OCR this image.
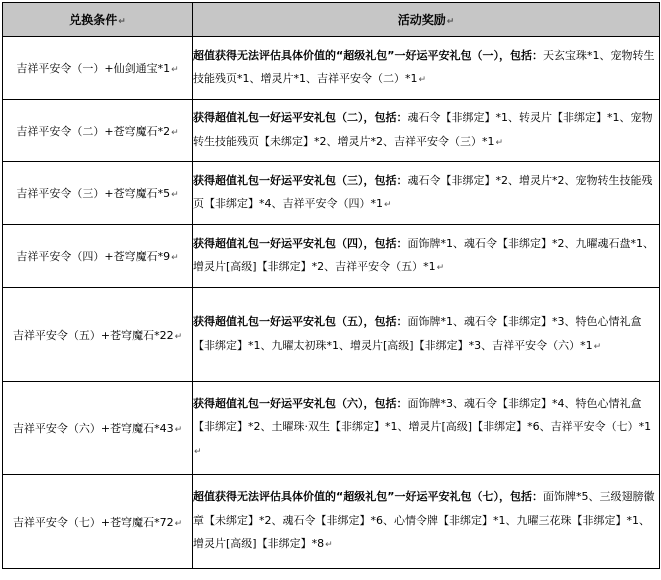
兑换条件↵	活动奖励↵
吉祥平安令（一）+仙剑通宝*1↵	超值获得无法评估具体价值的“超级礼包”一好运平安礼包（一），包括：天玄宝珠*1、宠物转生技能残页*1、增灵片*1、吉祥平安令（二）*1↵
吉祥平安令（二）+苍穹魔石*2↵	获得超值礼包一好运平安礼包（二），包括：魂石令【非绑定】*1、转灵片【非绑定】*1、宠物转生技能残页【未绑定】*2、增灵片*2、吉祥平安令（三）*1↵
吉祥平安令（三）+苍穹魔石*5↵	获得超值礼包一好运平安礼包（三），包括：魂石令【非绑定】*2、增灵片*2、宠物转生技能残页【非绑定】*4、吉祥平安令（四）*1↵
吉祥平安令（四）+苍穹魔石*9↵	获得超值礼包一好运平安礼包（四），包括：面饰牌*1、魂石令【非绑定】*2、九曜魂石盘*1、增灵片[高级]【非绑定】*2、吉祥平安令（五）*1↵
吉祥平安令（五）+苍穹魔石*22↵	获得超值礼包一好运平安礼包（五），包括：面饰牌*1、魂石令【非绑定】*3、特色心情礼盒【非绑定】*1、九曜太初珠*1、增灵片[高级]【非绑定】*3、吉祥平安令（六）*1↵
吉祥平安令（六）+苍穹魔石*43↵	获得超值礼包一好运平安礼包（六），包括：面饰牌*3、魂石令【非绑定】*4、特色心情礼盒【非绑定】*2、土曜珠·双生【非绑定】*1、增灵片[高级]【非绑定】*6、吉祥平安令（七）*1↵
吉祥平安令（七）+苍穹魔石*72↵	超值获得无法评估具体价值的“超级礼包”一好运平安礼包（七），包括：面饰牌*5、三级翅膀徽章【未绑定】*2、魂石令【非绑定】*6、心情令牌【非绑定】*1、九曜三花珠【非绑定】*1、增灵片[高级]【非绑定】*8↵
